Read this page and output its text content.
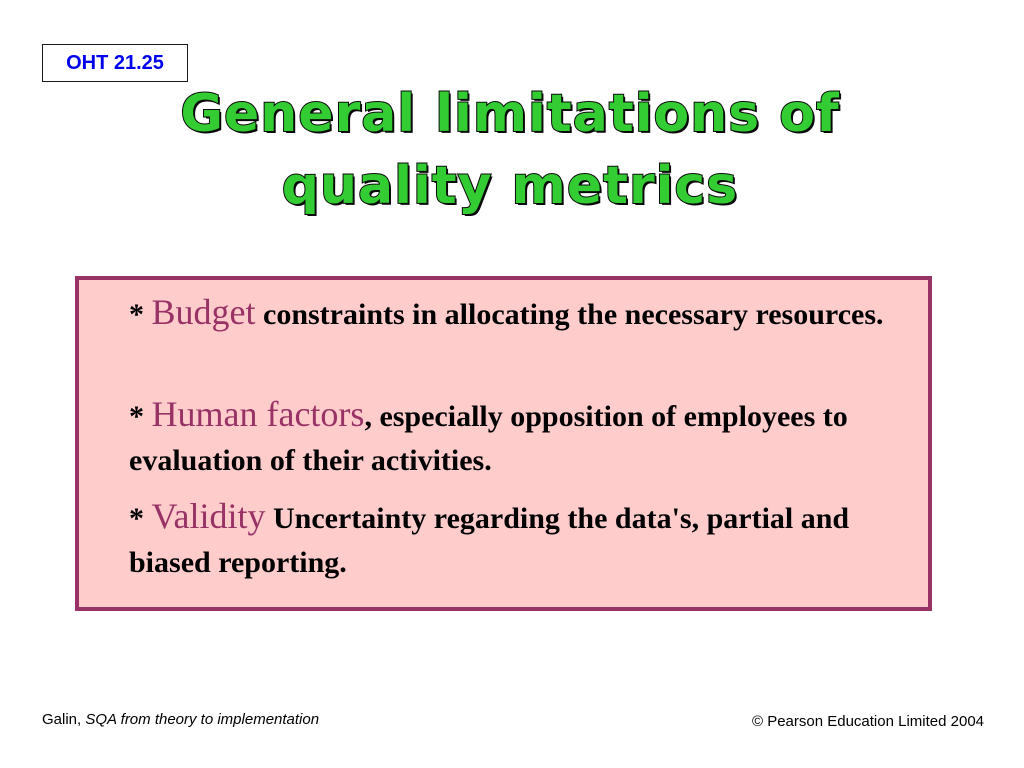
OHT 21.25
General limitations of
quality metrics
* Budget constraints in allocating the necessary resources.
* Human factors, especially opposition of employees to evaluation of their activities.
* Validity Uncertainty regarding the data's, partial and biased reporting.
Galin, SQA from theory to implementation	© Pearson Education Limited 2004
